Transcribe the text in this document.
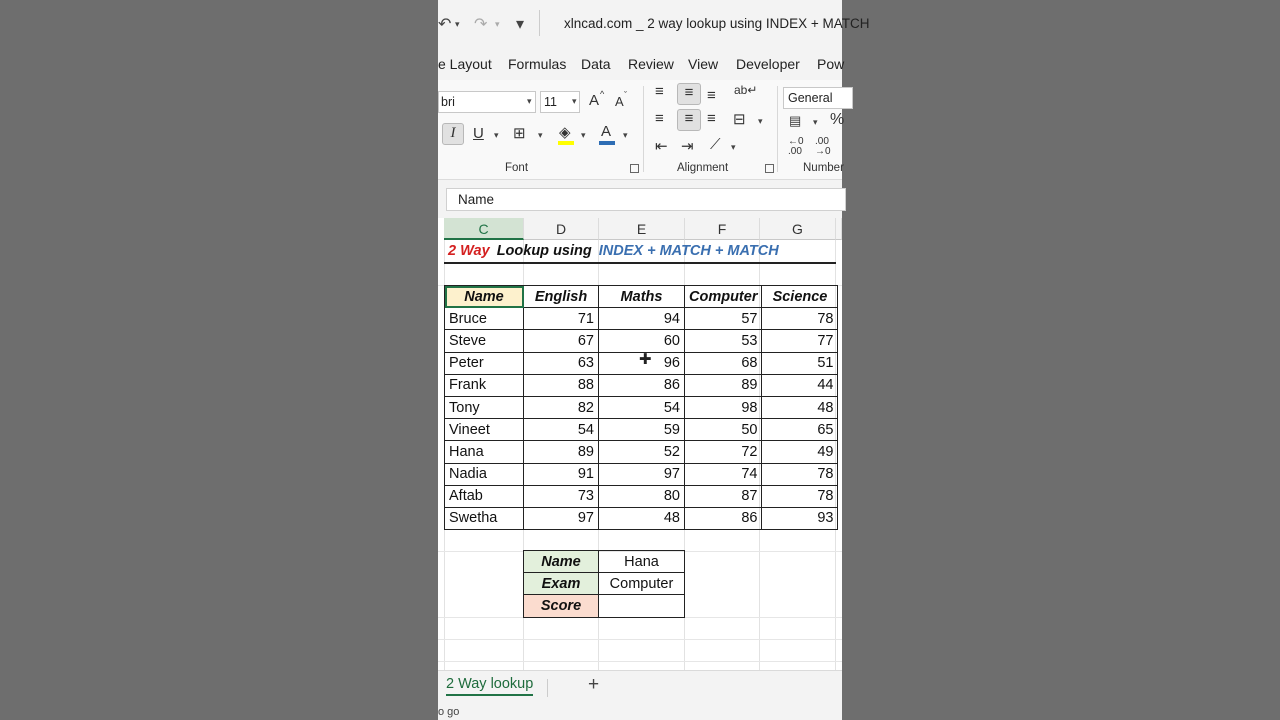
↶ ▾ ↷ ▾ ▾	xlncad.com _ 2 way lookup using INDEX + MATCH
e Layout Formulas Data Review View Developer Pow
bri	▾ 11	▾ A ^ A ˇ
I	U ▾ ⊞ ▾ ◈ ▾ A ▾
Font
≡	≡ ≡ ab↵
≡	≡ ≡ ⊟ ▾
⇤ ⇥ ⟋ ▾
Alignment
General
▤ ▾ %
←0
.00
.00
→0
Number
Name
C	D	E	F	G
2 Way Lookup using INDEX + MATCH + MATCH
Name	English	Maths	Computer	Science
Bruce	71	94	57	78
Steve	67	60	53	77
Peter	63	96	68	51
Frank	88	86	89	44
Tony	82	54	98	48
Vineet	54	59	50	65
Hana	89	52	72	49
Nadia	91	97	74	78
Aftab	73	80	87	78
Swetha	97	48	86	93
Name	Hana
Exam	Computer
Score	
✚
2 Way lookup	+
o go
